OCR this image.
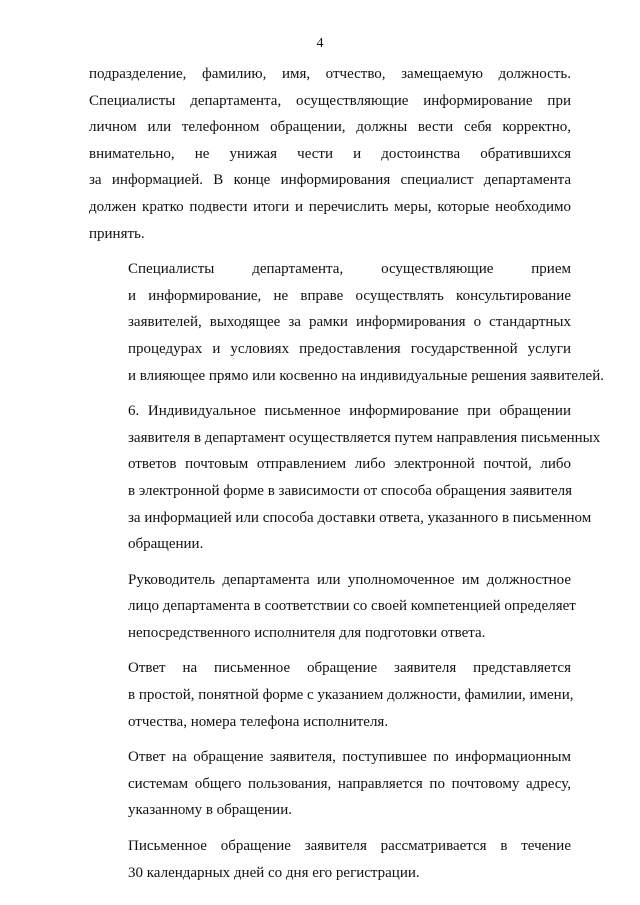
4

подразделение, фамилию, имя, отчество, замещаемую должность.
Специалисты департамента, осуществляющие информирование при
личном или телефонном обращении, должны вести себя корректно,
внимательно, не унижая чести и достоинства обратившихся
за информацией. В конце информирования специалист департамента
должен кратко подвести итоги и перечислить меры, которые необходимо
принять.

Специалисты департамента, осуществляющие прием
и информирование, не вправе осуществлять консультирование
заявителей, выходящее за рамки информирования о стандартных
процедурах и условиях предоставления государственной услуги
и влияющее прямо или косвенно на индивидуальные решения заявителей.

6. Индивидуальное письменное информирование при обращении
заявителя в департамент осуществляется путем направления письменных
ответов почтовым отправлением либо электронной почтой, либо
в электронной форме в зависимости от способа обращения заявителя
за информацией или способа доставки ответа, указанного в письменном
обращении.

Руководитель департамента или уполномоченное им должностное
лицо департамента в соответствии со своей компетенцией определяет
непосредственного исполнителя для подготовки ответа.

Ответ на письменное обращение заявителя представляется
в простой, понятной форме с указанием должности, фамилии, имени,
отчества, номера телефона исполнителя.

Ответ на обращение заявителя, поступившее по информационным
системам общего пользования, направляется по почтовому адресу,
указанному в обращении.

Письменное обращение заявителя рассматривается в течение
30 календарных дней со дня его регистрации.
